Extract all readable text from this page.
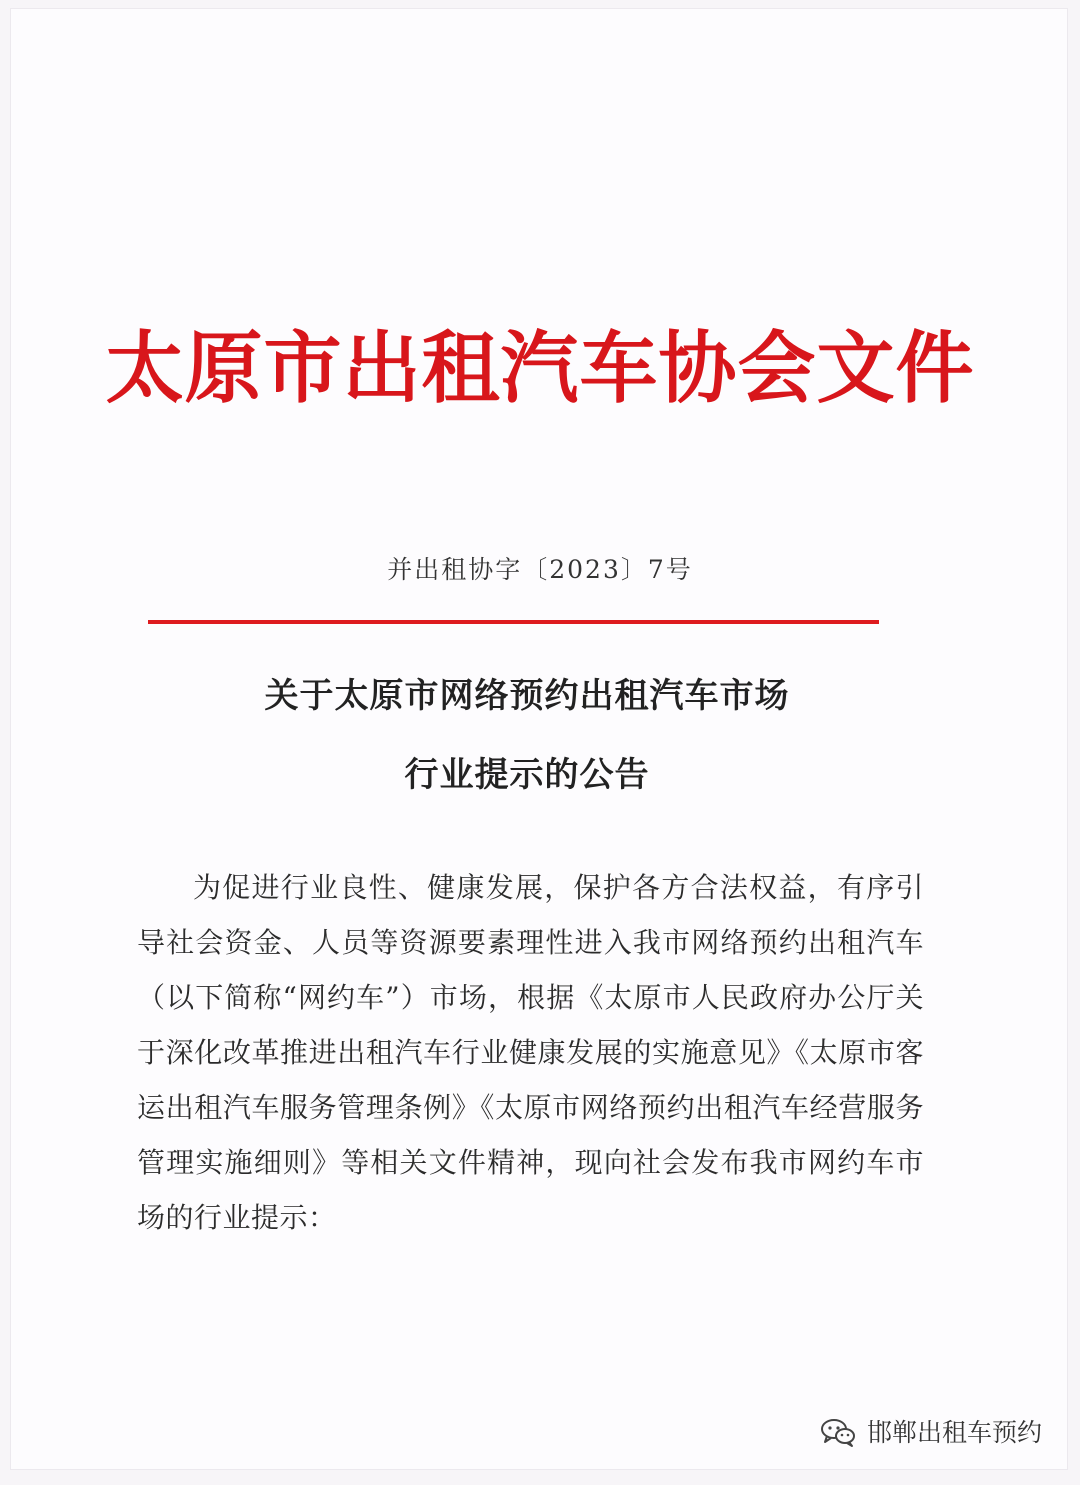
太原市出租汽车协会文件
并出租协字〔2023〕7号
关于太原市网络预约出租汽车市场
行业提示的公告
为促进行业良性、健康发展，保护各方合法权益，有序引导社会资金、人员等资源要素理性进入我市网络预约出租汽车（以下简称“网约车”）市场，根据《太原市人民政府办公厅关于深化改革推进出租汽车行业健康发展的实施意见》《太原市客运出租汽车服务管理条例》《太原市网络预约出租汽车经营服务管理实施细则》等相关文件精神，现向社会发布我市网约车市场的行业提示：
邯郸出租车预约
